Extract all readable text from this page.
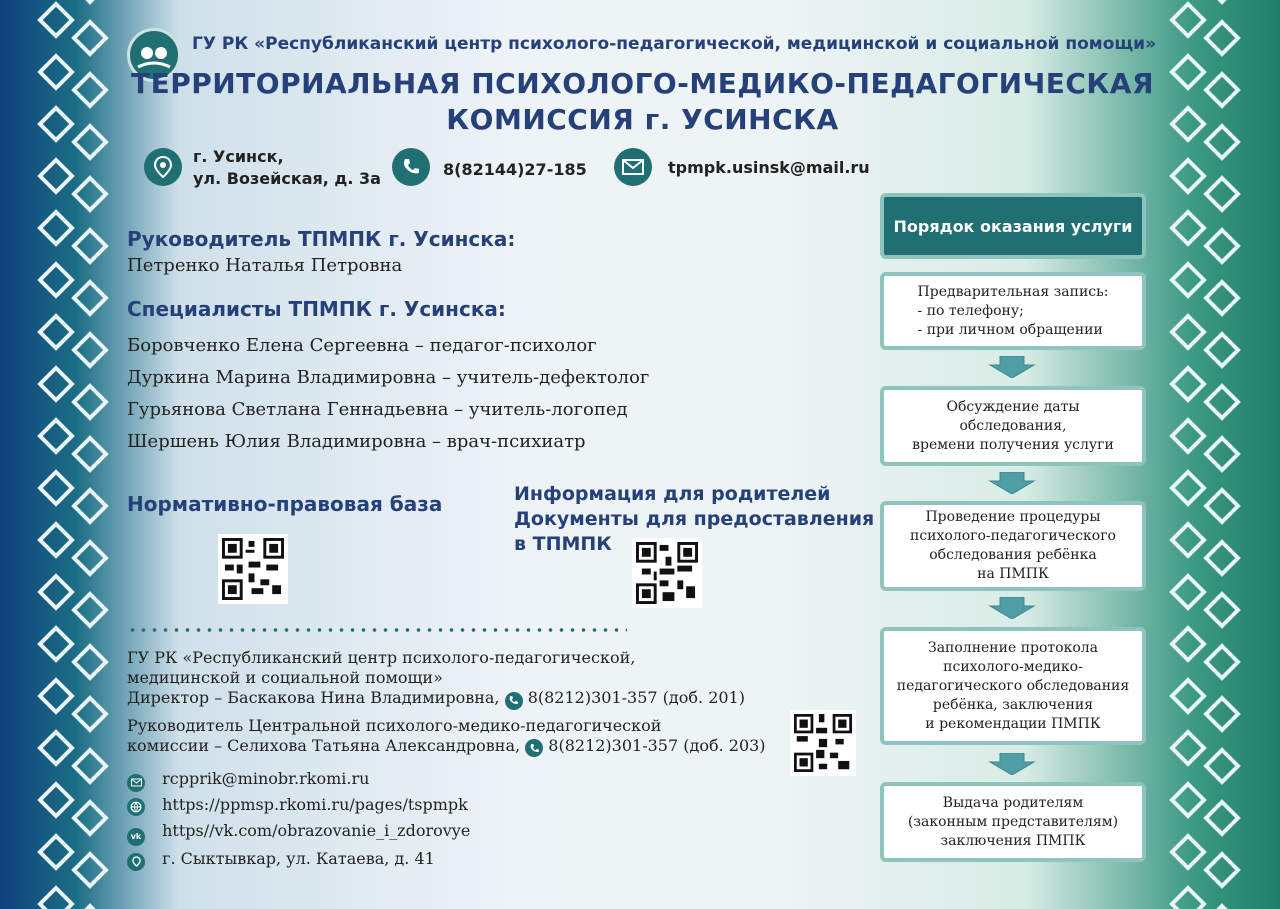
ГУ РК «Республиканский центр психолого-педагогической, медицинской и социальной помощи»
ТЕРРИТОРИАЛЬНАЯ ПСИХОЛОГО-МЕДИКО-ПЕДАГОГИЧЕСКАЯ
КОМИССИЯ г. УСИНСКА
г. Усинск,
ул. Возейская, д. 3а	8(82144)27-185	tpmpk.usinsk@mail.ru
Руководитель ТПМПК г. Усинска:
Петренко Наталья Петровна
Специалисты ТПМПК г. Усинска:
Боровченко Елена Сергеевна – педагог-психолог
Дуркина Марина Владимировна – учитель-дефектолог
Гурьянова Светлана Геннадьевна – учитель-логопед
Шершень Юлия Владимировна – врач-психиатр
Нормативно-правовая база	Информация для родителей
Документы для предоставления
в ТПМПК
ГУ РК «Республиканский центр психолого-педагогической,
медицинской и социальной помощи»
Директор – Баскакова Нина Владимировна, 8(8212)301-357 (доб. 201)
Руководитель Центральной психолого-медико-педагогической
комиссии – Селихова Татьяна Александровна, 8(8212)301-357 (доб. 203)
rcpprik@minobr.rkomi.ru
https://ppmsp.rkomi.ru/pages/tspmpk
vk https//vk.com/obrazovanie_i_zdorovye
г. Сыктывкар, ул. Катаева, д. 41
Порядок оказания услуги
Предварительная запись:
- по телефону;
- при личном обращении
Обсуждение даты
обследования,
времени получения услуги
Проведение процедуры
психолого-педагогического
обследования ребёнка
на ПМПК
Заполнение протокола
психолого-медико-
педагогического обследования
ребёнка, заключения
и рекомендации ПМПК
Выдача родителям
(законным представителям)
заключения ПМПК
